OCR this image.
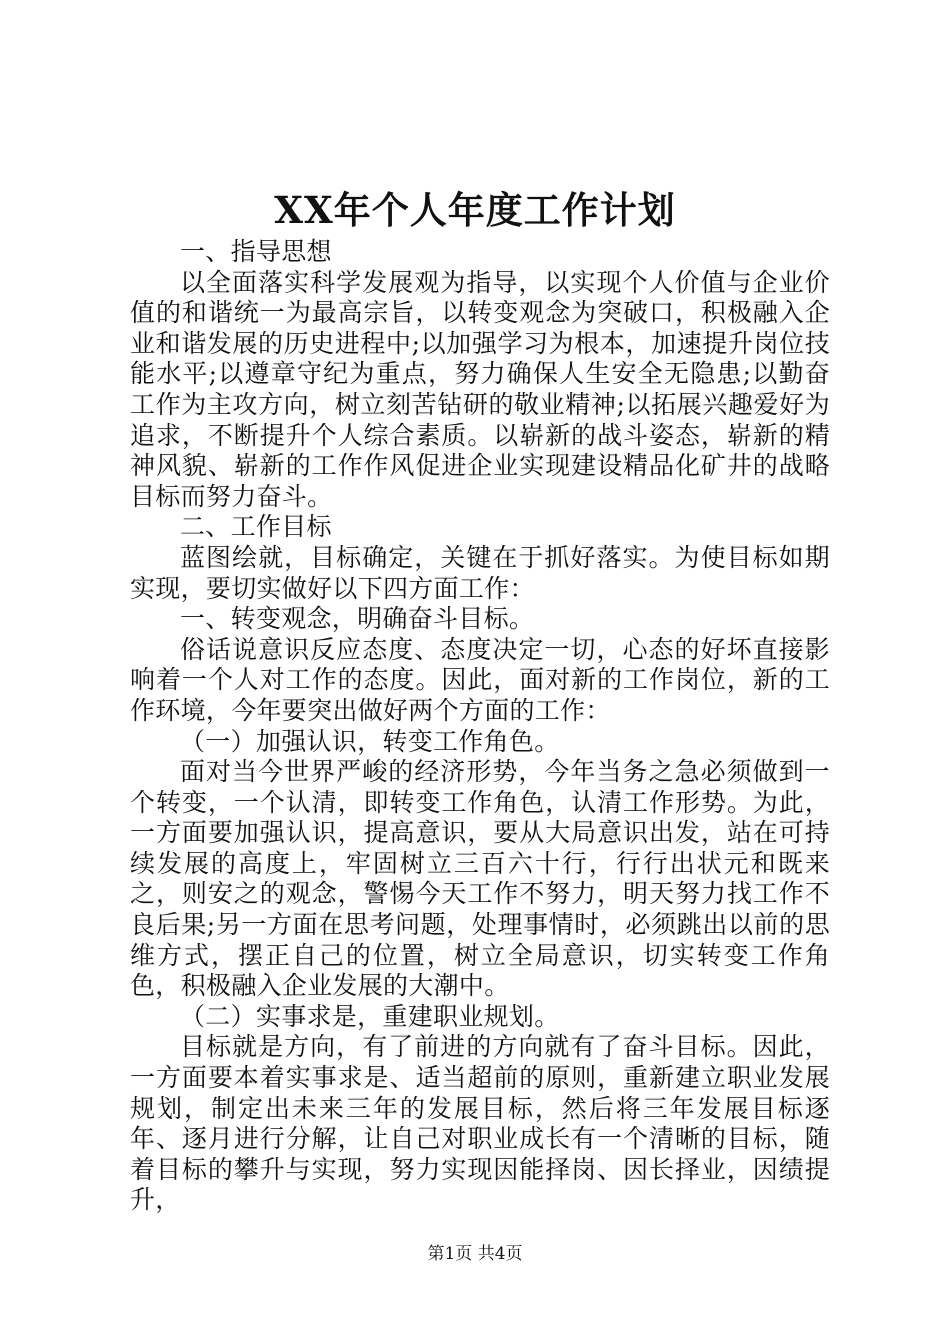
XX年个人年度工作计划

一、指导思想

以全面落实科学发展观为指导，以实现个人价值与企业价值的和谐统一为最高宗旨，以转变观念为突破口，积极融入企业和谐发展的历史进程中;以加强学习为根本，加速提升岗位技能水平;以遵章守纪为重点，努力确保人生安全无隐患;以勤奋工作为主攻方向，树立刻苦钻研的敬业精神;以拓展兴趣爱好为追求，不断提升个人综合素质。以崭新的战斗姿态，崭新的精神风貌、崭新的工作作风促进企业实现建设精品化矿井的战略目标而努力奋斗。

二、工作目标

蓝图绘就，目标确定，关键在于抓好落实。为使目标如期实现，要切实做好以下四方面工作：

一、转变观念，明确奋斗目标。

俗话说意识反应态度、态度决定一切，心态的好坏直接影响着一个人对工作的态度。因此，面对新的工作岗位，新的工作环境，今年要突出做好两个方面的工作：

（一）加强认识，转变工作角色。

面对当今世界严峻的经济形势，今年当务之急必须做到一个转变，一个认清，即转变工作角色，认清工作形势。为此，一方面要加强认识，提高意识，要从大局意识出发，站在可持续发展的高度上，牢固树立三百六十行，行行出状元和既来之，则安之的观念，警惕今天工作不努力，明天努力找工作不良后果;另一方面在思考问题，处理事情时，必须跳出以前的思维方式，摆正自己的位置，树立全局意识，切实转变工作角色，积极融入企业发展的大潮中。

（二）实事求是，重建职业规划。

目标就是方向，有了前进的方向就有了奋斗目标。因此，一方面要本着实事求是、适当超前的原则，重新建立职业发展规划，制定出未来三年的发展目标，然后将三年发展目标逐年、逐月进行分解，让自己对职业成长有一个清晰的目标，随着目标的攀升与实现，努力实现因能择岗、因长择业，因绩提升，

第1页 共4页
